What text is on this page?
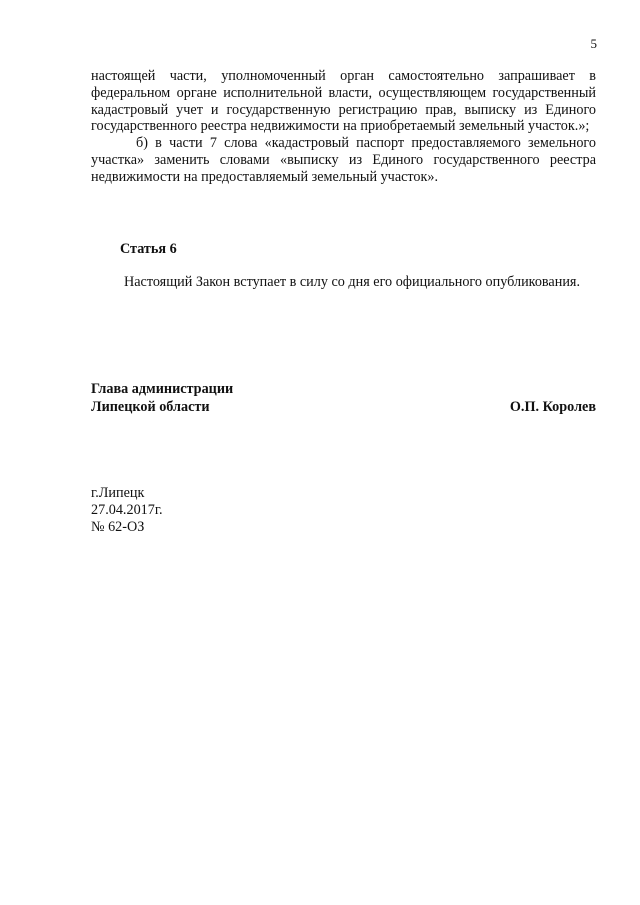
5

настоящей части, уполномоченный орган самостоятельно запрашивает в федеральном органе исполнительной власти, осуществляющем государственный кадастровый учет и государственную регистрацию прав, выписку из Единого государственного реестра недвижимости на приобретаемый земельный участок.»;

б) в части 7 слова «кадастровый паспорт предоставляемого земельного участка» заменить словами «выписку из Единого государственного реестра недвижимости на предоставляемый земельный участок».

Статья 6

Настоящий Закон вступает в силу со дня его официального опубликования.

Глава администрации
Липецкой области	О.П. Королев
г.Липецк
27.04.2017г.
№ 62-ОЗ
